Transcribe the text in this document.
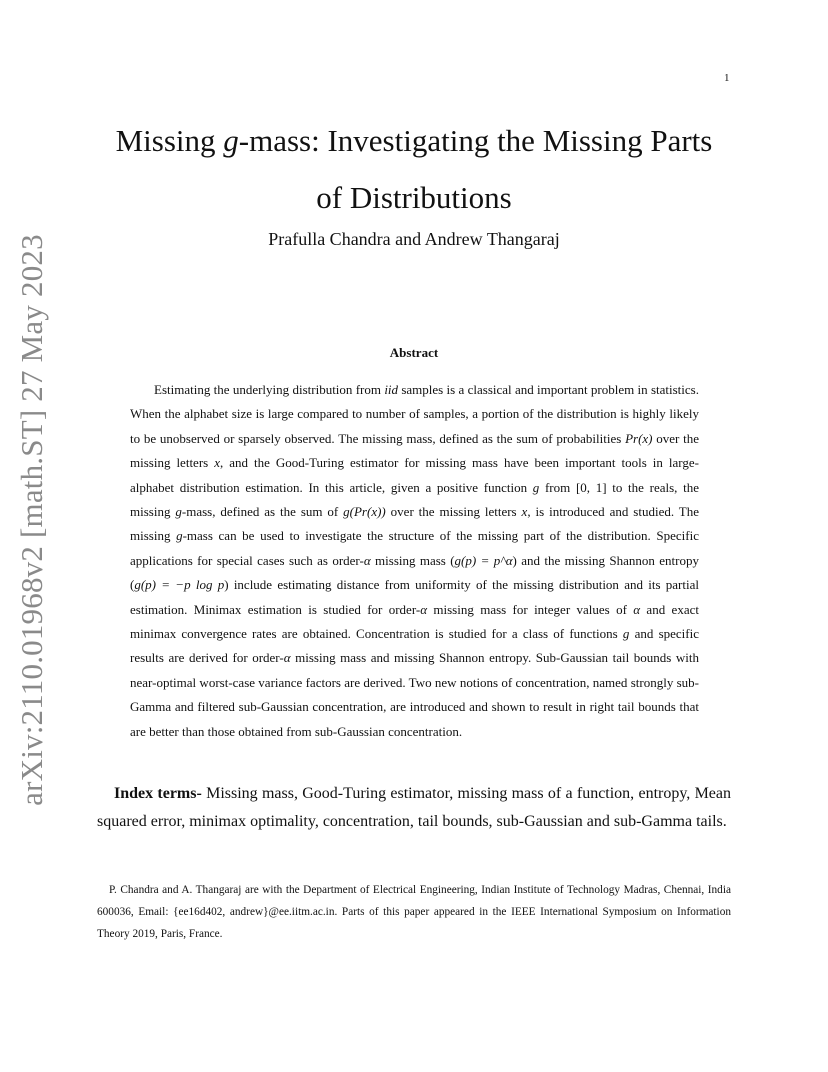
1
arXiv:2110.01968v2 [math.ST] 27 May 2023
Missing g-mass: Investigating the Missing Parts of Distributions
Prafulla Chandra and Andrew Thangaraj
Abstract

Estimating the underlying distribution from iid samples is a classical and important problem in statistics. When the alphabet size is large compared to number of samples, a portion of the distribution is highly likely to be unobserved or sparsely observed. The missing mass, defined as the sum of probabilities Pr(x) over the missing letters x, and the Good-Turing estimator for missing mass have been important tools in large-alphabet distribution estimation. In this article, given a positive function g from [0, 1] to the reals, the missing g-mass, defined as the sum of g(Pr(x)) over the missing letters x, is introduced and studied. The missing g-mass can be used to investigate the structure of the missing part of the distribution. Specific applications for special cases such as order-α missing mass (g(p) = p^α) and the missing Shannon entropy (g(p) = −p log p) include estimating distance from uniformity of the missing distribution and its partial estimation. Minimax estimation is studied for order-α missing mass for integer values of α and exact minimax convergence rates are obtained. Concentration is studied for a class of functions g and specific results are derived for order-α missing mass and missing Shannon entropy. Sub-Gaussian tail bounds with near-optimal worst-case variance factors are derived. Two new notions of concentration, named strongly sub-Gamma and filtered sub-Gaussian concentration, are introduced and shown to result in right tail bounds that are better than those obtained from sub-Gaussian concentration.

Index terms- Missing mass, Good-Turing estimator, missing mass of a function, entropy, Mean squared error, minimax optimality, concentration, tail bounds, sub-Gaussian and sub-Gamma tails.

P. Chandra and A. Thangaraj are with the Department of Electrical Engineering, Indian Institute of Technology Madras, Chennai, India 600036, Email: {ee16d402, andrew}@ee.iitm.ac.in. Parts of this paper appeared in the IEEE International Symposium on Information Theory 2019, Paris, France.
